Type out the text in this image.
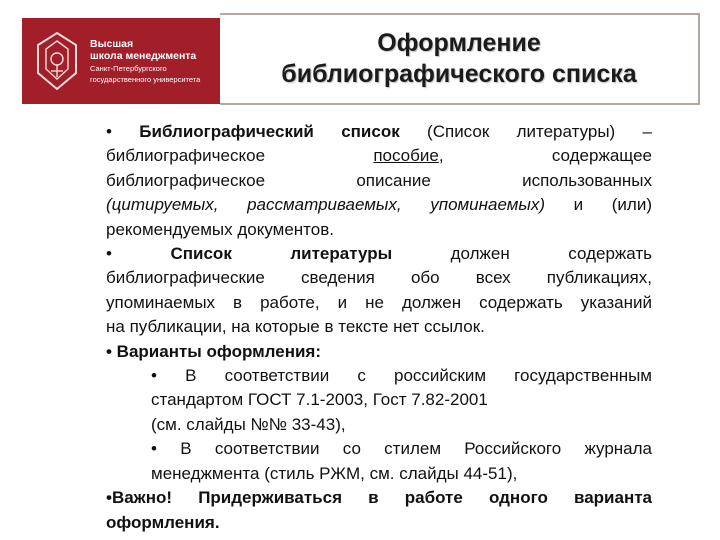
Высшая
школа менеджмента
Санкт-Петербургского
государственного университета
Оформление
библиографического списка
• Библиографический список (Список литературы) –
библиографическое	пособие, содержащее
библиографическое описание использованных
(цитируемых, рассматриваемых, упоминаемых) и (или)
рекомендуемых документов.
•	Список литературы	должен содержать
библиографические сведения обо всех публикациях,
упоминаемых в работе, и не должен содержать указаний
на публикации, на которые в тексте нет ссылок.
• Варианты оформления:
• В соответствии с российским государственным
стандартом ГОСТ 7.1-2003, Гост 7.82-2001
(см. слайды №№ 33-43),
• В соответствии со стилем Российского журнала
менеджмента (стиль РЖМ, см. слайды 44-51),
•Важно! Придерживаться в работе одного варианта
оформления.
